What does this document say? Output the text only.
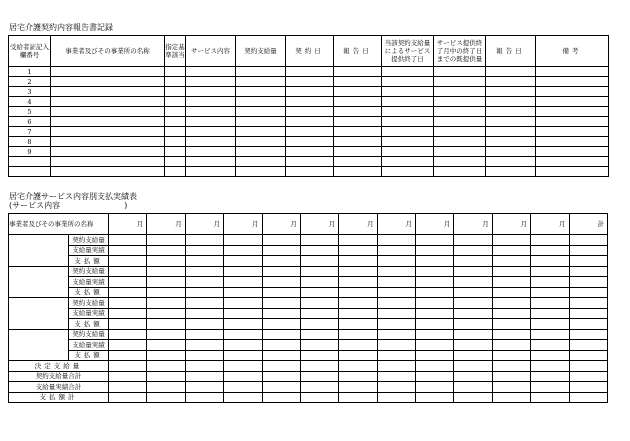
居宅介護契約内容報告書記録
受給者証記入欄番号	事業者及びその事業所の名称	指定基準該当	サービス内容	契約支給量	契約日	報告日	当該契約支給量によるサービス提供終了日	サービス提供終了月中の終了日までの既提供量	報告日	備考
1										
2										
3										
4										
5										
6										
7										
8										
9										

居宅介護サービス内容別支払実績表
(サービス内容　　　　　　　　)
事業者及びその事業所の名称		月	月	月	月	月	月	月	月	月	月	月	月	計
	契約支給量													
	支給量実績													
	支払額													
	契約支給量													
	支給量実績													
	支払額													
	契約支給量													
	支給量実績													
	支払額													
	契約支給量													
	支給量実績													
	支払額													
決定支給量														
契約支給量合計														
支給量実績合計														
支払額計														
